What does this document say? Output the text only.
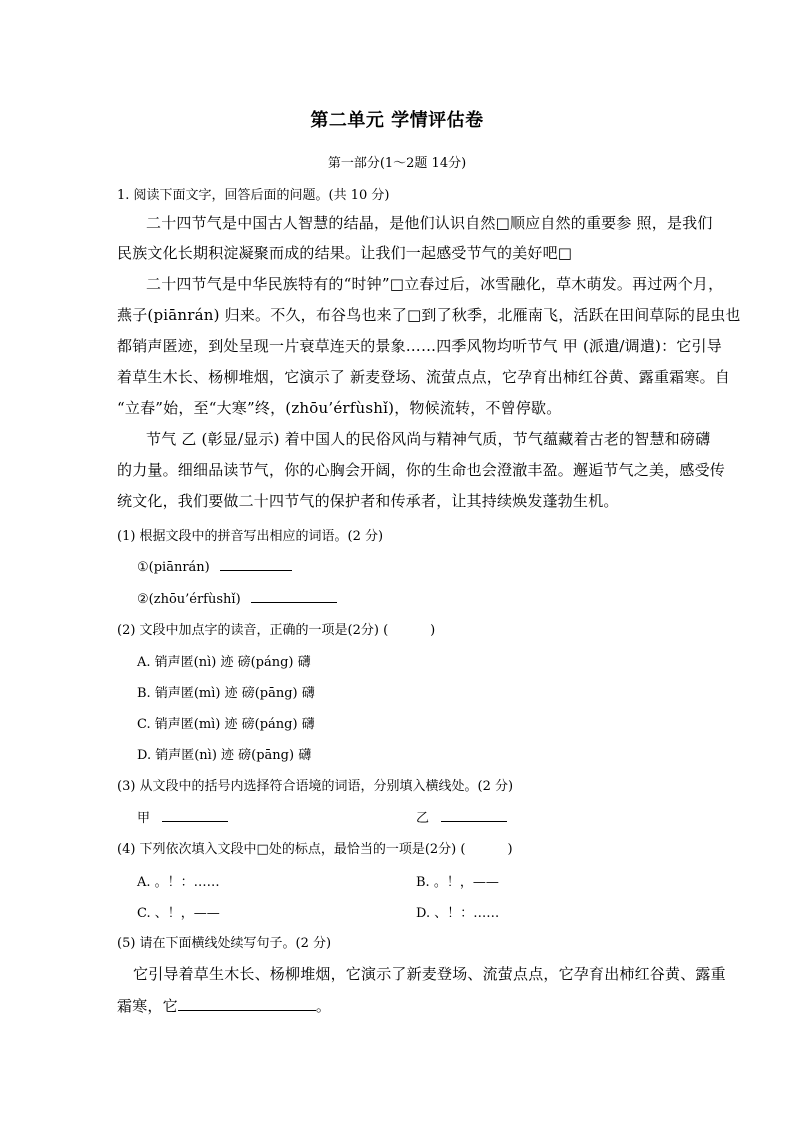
第二单元 学情评估卷
第一部分(1～2题 14分)
1. 阅读下面文字，回答后面的问题。(共 10 分)
二十四节气是中国古人智慧的结晶，是他们认识自然□顺应自然的重要参 照，是我们
民族文化长期积淀凝聚而成的结果。让我们一起感受节气的美好吧□
二十四节气是中华民族特有的“时钟”□立春过后，冰雪融化，草木萌发。再过两个月，
燕子(piānrán) 归来。不久，布谷鸟也来了□到了秋季，北雁南飞，活跃在田间草际的昆虫也
都销声匿迹，到处呈现一片衰草连天的景象……四季风物均听节气 甲 (派遣/调遣)：它引导
着草生木长、杨柳堆烟，它演示了 新麦登场、流萤点点，它孕育出柿红谷黄、露重霜寒。自
“立春”始，至“大寒”终，(zhōu’érfùshǐ)，物候流转，不曾停歇。
节气 乙 (彰显/显示) 着中国人的民俗风尚与精神气质，节气蕴藏着古老的智慧和磅礴
的力量。细细品读节气，你的心胸会开阔，你的生命也会澄澈丰盈。邂逅节气之美，感受传
统文化，我们要做二十四节气的保护者和传承者，让其持续焕发蓬勃生机。
(1) 根据文段中的拼音写出相应的词语。(2 分)
①(piānrán)
②(zhōu’érfùshǐ)
(2) 文段中加点字的读音，正确的一项是(2分) (	)
A. 销声匿(nì) 迹 磅(páng) 礴
B. 销声匿(mì) 迹 磅(pāng) 礴
C. 销声匿(mì) 迹 磅(páng) 礴
D. 销声匿(nì) 迹 磅(pāng) 礴
(3) 从文段中的括号内选择符合语境的词语，分别填入横线处。(2 分)
甲	乙
(4) 下列依次填入文段中□处的标点，最恰当的一项是(2分) (	)
A. 。！：……	B. 。！，——
C. 、！，——	D. 、！：……
(5) 请在下面横线处续写句子。(2 分)
它引导着草生木长、杨柳堆烟，它演示了新麦登场、流萤点点，它孕育出柿红谷黄、露重
霜寒，它	。
